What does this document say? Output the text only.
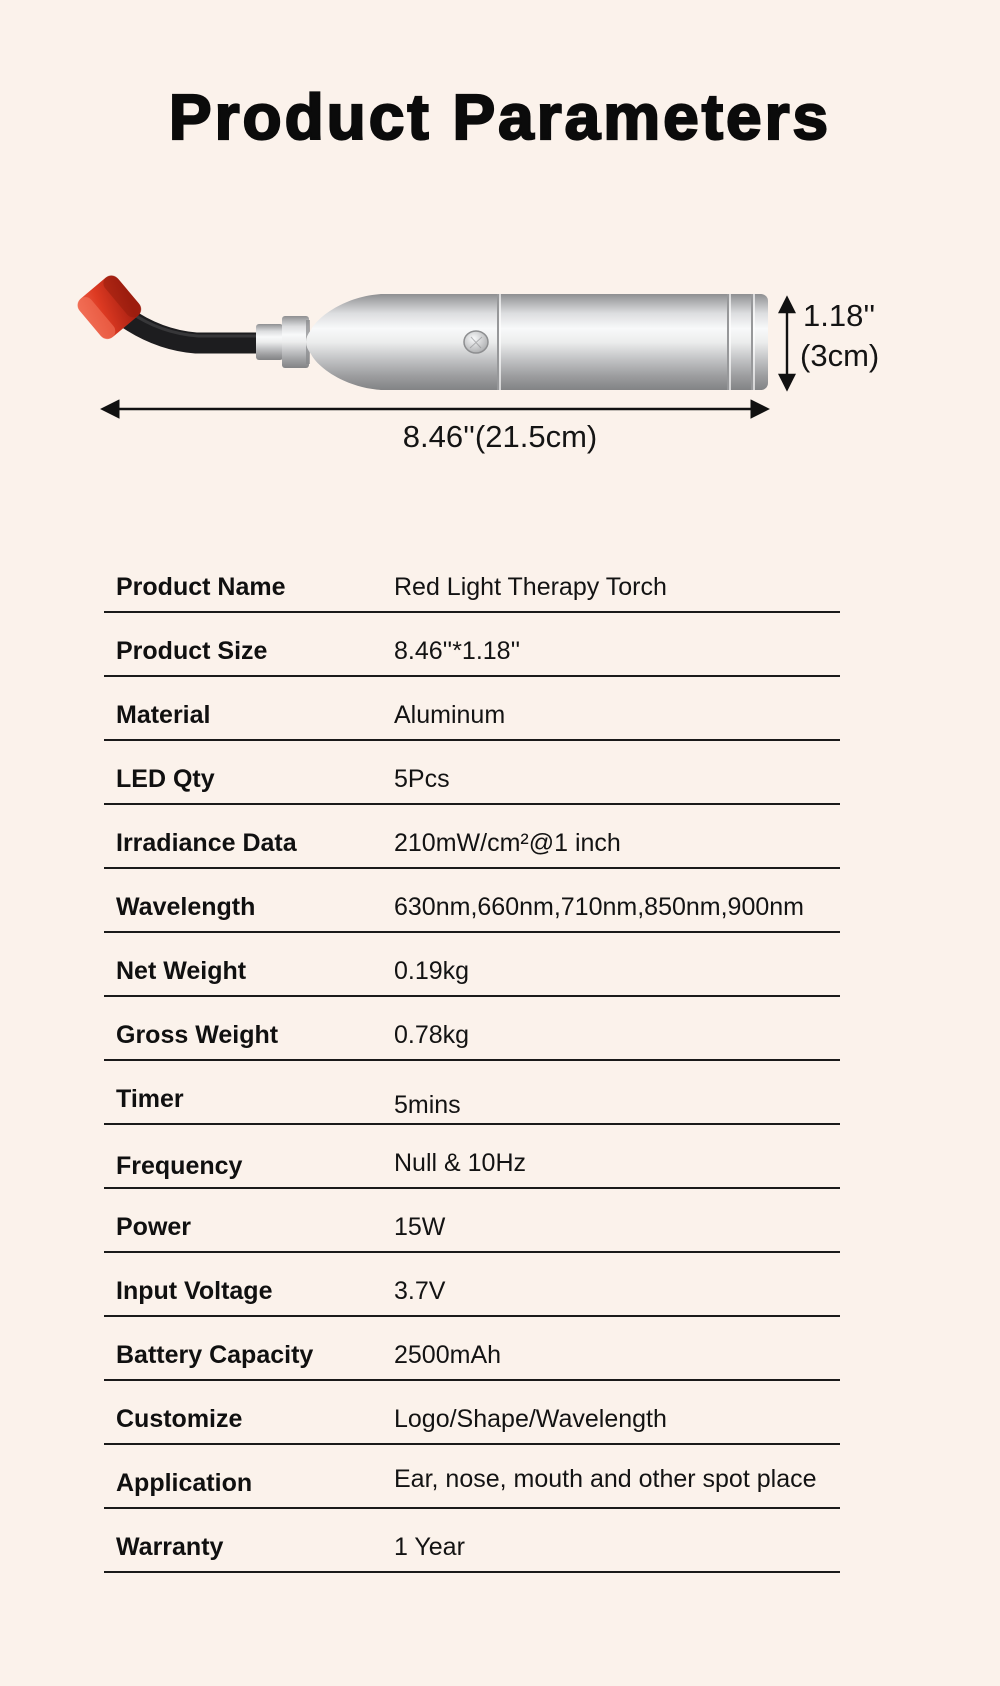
Product Parameters
1.18''
(3cm)
8.46''(21.5cm)
Product Name	Red Light Therapy Torch
Product Size	8.46''*1.18''
Material	Aluminum
LED Qty	5Pcs
Irradiance Data	210mW/cm²@1 inch
Wavelength	630nm,660nm,710nm,850nm,900nm
Net Weight	0.19kg
Gross Weight	0.78kg
Timer	5mins
Frequency	Null & 10Hz
Power	15W
Input Voltage	3.7V
Battery Capacity	2500mAh
Customize	Logo/Shape/Wavelength
Application	Ear, nose, mouth and other spot place
Warranty	1 Year
